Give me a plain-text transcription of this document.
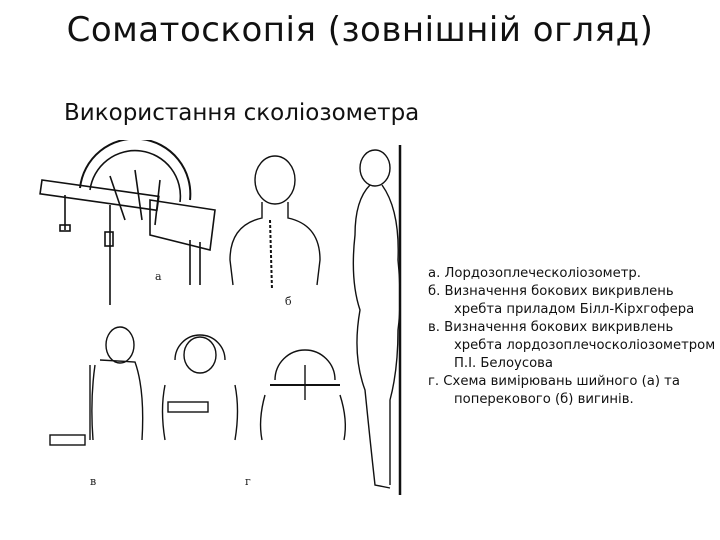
Соматоскопія (зовнішній огляд)
Використання сколіозометра
а
б
в	г

а. Лордозоплеческоліозометр.

б. Визначення бокових викривлень хребта приладом Білл-Кірхгофера

в. Визначення бокових викривлень хребта лордозоплечосколіозометром П.І. Белоусова

г. Схема вимірювань шийного (а) та поперекового (б) вигинів.
